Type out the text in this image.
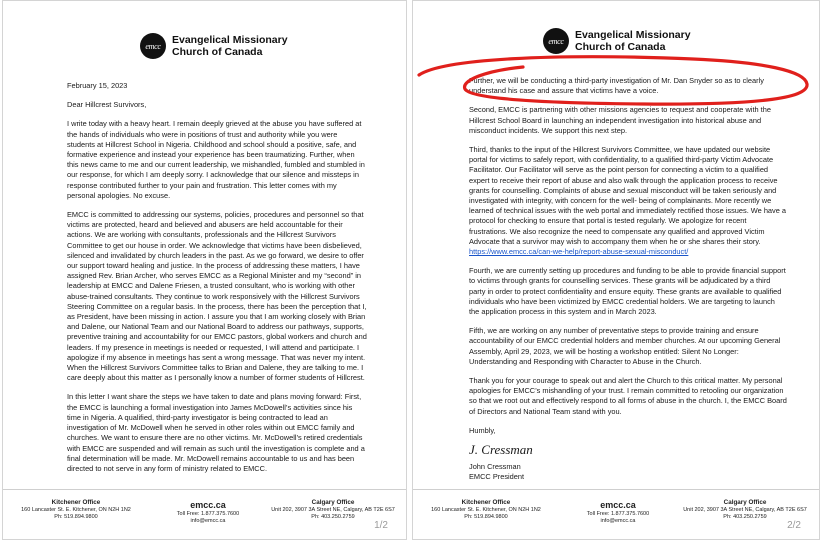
emcc	Evangelical Missionary
Church of Canada

February 15, 2023

Dear Hillcrest Survivors,

I write today with a heavy heart. I remain deeply grieved at the abuse you have suffered at the hands of individuals who were in positions of trust and authority while you were students at Hillcrest School in Nigeria. Childhood and school should a positive, safe, and formative experience and instead your experience has been traumatizing. Further, when this news came to me and our current leadership, we mishandled, fumbled and stumbled in our response, for which I am deeply sorry. I acknowledge that our silence and missteps in response contributed further to your pain and frustration. This letter comes with my personal apologies. No excuse.

EMCC is committed to addressing our systems, policies, procedures and personnel so that victims are protected, heard and believed and abusers are held accountable for their actions. We are working with consultants, professionals and the Hillcrest Survivors Committee to get our house in order. We acknowledge that victims have been disbelieved, silenced and invalidated by church leaders in the past. As we go forward, we desire to offer our support toward healing and justice. In the process of addressing these matters, I have assigned Rev. Brian Archer, who serves EMCC as a Regional Minister and my “second” in leadership at EMCC and Dalene Friesen, a trusted consultant, who is working with other abuse-trained consultants. They continue to work responsively with the Hillcrest Survivors Steering Committee on a regular basis. In the process, there has been the perception that I, as President, have been missing in action. I assure you that I am working closely with Brian and Dalene, our National Team and our National Board to address our pathways, supports, preventive training and accountability for our EMCC pastors, global workers and church and leaders. If my presence in meetings is needed or requested, I will attend and participate. I apologize if my absence in meetings has sent a wrong message. That was never my intent. When the Hillcrest Survivors Committee talks to Brian and Dalene, they are talking to me. I care deeply about this matter as I personally know a number of former students of Hillcrest.

In this letter I want share the steps we have taken to date and plans moving forward: First, the EMCC is launching a formal investigation into James McDowell’s activities since his time in Nigeria. A qualified, third-party investigator is being contracted to lead an investigation of Mr. McDowell when he served in other roles within out EMCC family and churches. We want to ensure there are no other victims. Mr. McDowell’s retired credentials with EMCC are suspended and will remain as such until the investigation is complete and a final determination will be made. Mr. McDowell remains accountable to us and has been directed to not serve in any form of ministry related to EMCC.

Kitchener Office
160 Lancaster St. E. Kitchener, ON N2H 1N2
Ph: 519.894.9800
emcc.ca
Toll Free: 1.877.375.7600
info@emcc.ca
Calgary Office
Unit 202, 3907 3A Street NE, Calgary, AB T2E 6S7
Ph: 403.250.2759
1/2
emcc	Evangelical Missionary
Church of Canada

Further, we will be conducting a third-party investigation of Mr. Dan Snyder so as to clearly understand his case and assure that victims have a voice.

Second, EMCC is partnering with other missions agencies to request and cooperate with the Hillcrest School Board in launching an independent investigation into historical abuse and misconduct incidents. We support this next step.

Third, thanks to the input of the Hillcrest Survivors Committee, we have updated our website portal for victims to safely report, with confidentiality, to a qualified third-party Victim Advocate Facilitator. Our Facilitator will serve as the point person for connecting a victim to a qualified expert to receive their report of abuse and also walk through the application process to receive grants for counselling. Complaints of abuse and sexual misconduct will be taken seriously and investigated with integrity, with concern for the well- being of complainants. More recently we learned of technical issues with the web portal and immediately rectified those issues. We have a protocol for checking to ensure that portal is tested regularly. We apologize for recent frustrations. We also recognize the need to compensate any qualified and approved Victim Advocate that a survivor may wish to accompany them when he or she shares their story.

https://www.emcc.ca/can-we-help/report-abuse-sexual-misconduct/

Fourth, we are currently setting up procedures and funding to be able to provide financial support to victims through grants for counselling services. These grants will be adjudicated by a third party in order to protect confidentiality and ensure equity. These grants are available to qualified individuals who have been victimized by EMCC credential holders. We are targeting to launch the application process in this system and in March 2023.

Fifth, we are working on any number of preventative steps to provide training and ensure accountability of our EMCC credential holders and member churches. At our upcoming General Assembly, April 29, 2023, we will be hosting a workshop entitled: Silent No Longer: Understanding and Responding with Character to Abuse in the Church.

Thank you for your courage to speak out and alert the Church to this critical matter. My personal apologies for EMCC’s mishandling of your trust. I remain committed to retooling our organization so that we root out and effectively respond to all forms of abuse in the church. I, the EMCC Board of Directors and National Team stand with you.

Humbly,

J. Cressman

John Cressman

EMCC President

Kitchener Office
160 Lancaster St. E. Kitchener, ON N2H 1N2
Ph: 519.894.9800
emcc.ca
Toll Free: 1.877.375.7600
info@emcc.ca
Calgary Office
Unit 202, 3907 3A Street NE, Calgary, AB T2E 6S7
Ph: 403.250.2759
2/2
